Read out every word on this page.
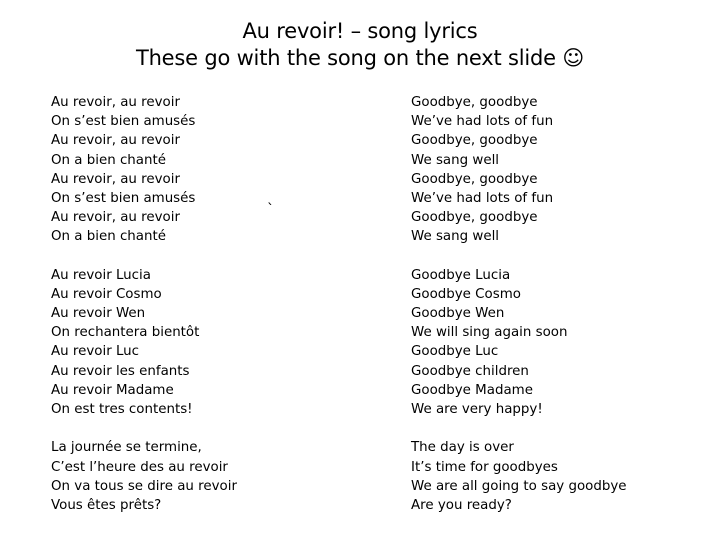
Au revoir! – song lyrics
These go with the song on the next slide ☺
Au revoir, au revoir
On s’est bien amusés
Au revoir, au revoir
On a bien chanté
Au revoir, au revoir
On s’est bien amusés
Au revoir, au revoir
On a bien chanté
Au revoir Lucia
Au revoir Cosmo
Au revoir Wen
On rechantera bientôt
Au revoir Luc
Au revoir les enfants
Au revoir Madame
On est tres contents!
La journée se termine,
C’est l’heure des au revoir
On va tous se dire au revoir
Vous êtes prêts?
Goodbye, goodbye
We’ve had lots of fun
Goodbye, goodbye
We sang well
Goodbye, goodbye
We’ve had lots of fun
Goodbye, goodbye
We sang well
Goodbye Lucia
Goodbye Cosmo
Goodbye Wen
We will sing again soon
Goodbye Luc
Goodbye children
Goodbye Madame
We are very happy!
The day is over
It’s time for goodbyes
We are all going to say goodbye
Are you ready?
`
